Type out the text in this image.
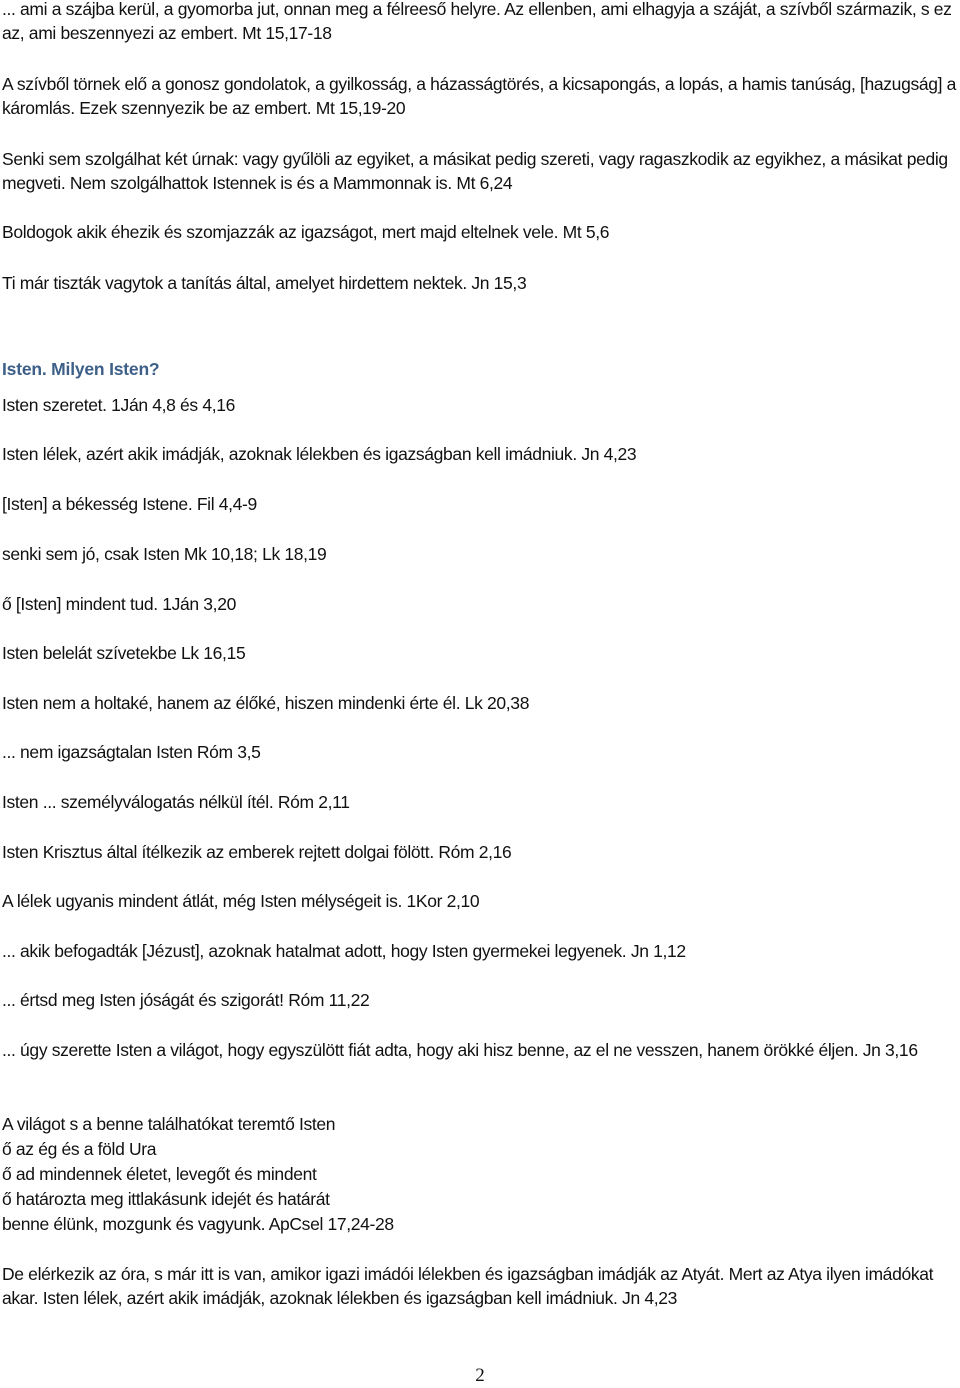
... ami a szájba kerül, a gyomorba jut, onnan meg a félreeső helyre. Az ellenben, ami elhagyja a száját, a szívből származik, s ez az, ami beszennyezi az embert. Mt 15,17-18
A szívből törnek elő a gonosz gondolatok, a gyilkosság, a házasságtörés, a kicsapongás, a lopás, a hamis tanúság, [hazugság] a káromlás. Ezek szennyezik be az embert. Mt 15,19-20
Senki sem szolgálhat két úrnak: vagy gyűlöli az egyiket, a másikat pedig szereti, vagy ragaszkodik az egyikhez, a másikat pedig megveti. Nem szolgálhattok Istennek is és a Mammonnak is. Mt 6,24
Boldogok akik éhezik és szomjazzák az igazságot, mert majd eltelnek vele. Mt 5,6
Ti már tiszták vagytok a tanítás által, amelyet hirdettem nektek. Jn 15,3
Isten. Milyen Isten?
Isten szeretet. 1Ján 4,8 és 4,16
Isten lélek, azért akik imádják, azoknak lélekben és igazságban kell imádniuk. Jn 4,23
[Isten] a békesség Istene. Fil 4,4-9
senki sem jó, csak Isten Mk 10,18; Lk 18,19
ő [Isten] mindent tud. 1Ján 3,20
Isten belelát szívetekbe Lk 16,15
Isten nem a holtaké, hanem az élőké, hiszen mindenki érte él. Lk 20,38
... nem igazságtalan Isten Róm 3,5
Isten ... személyválogatás nélkül ítél. Róm 2,11
Isten Krisztus által ítélkezik az emberek rejtett dolgai fölött. Róm 2,16
A lélek ugyanis mindent átlát, még Isten mélységeit is. 1Kor 2,10
... akik befogadták [Jézust], azoknak hatalmat adott, hogy Isten gyermekei legyenek. Jn 1,12
... értsd meg Isten jóságát és szigorát! Róm 11,22
... úgy szerette Isten a világot, hogy egyszülött fiát adta, hogy aki hisz benne, az el ne vesszen, hanem örökké éljen. Jn 3,16
A világot s a benne találhatókat teremtő Isten
ő az ég és a föld Ura
ő ad mindennek életet, levegőt és mindent
ő határozta meg ittlakásunk idejét és határát
benne élünk, mozgunk és vagyunk. ApCsel 17,24-28
De elérkezik az óra, s már itt is van, amikor igazi imádói lélekben és igazságban imádják az Atyát. Mert az Atya ilyen imádókat akar. Isten lélek, azért akik imádják, azoknak lélekben és igazságban kell imádniuk. Jn 4,23
2
